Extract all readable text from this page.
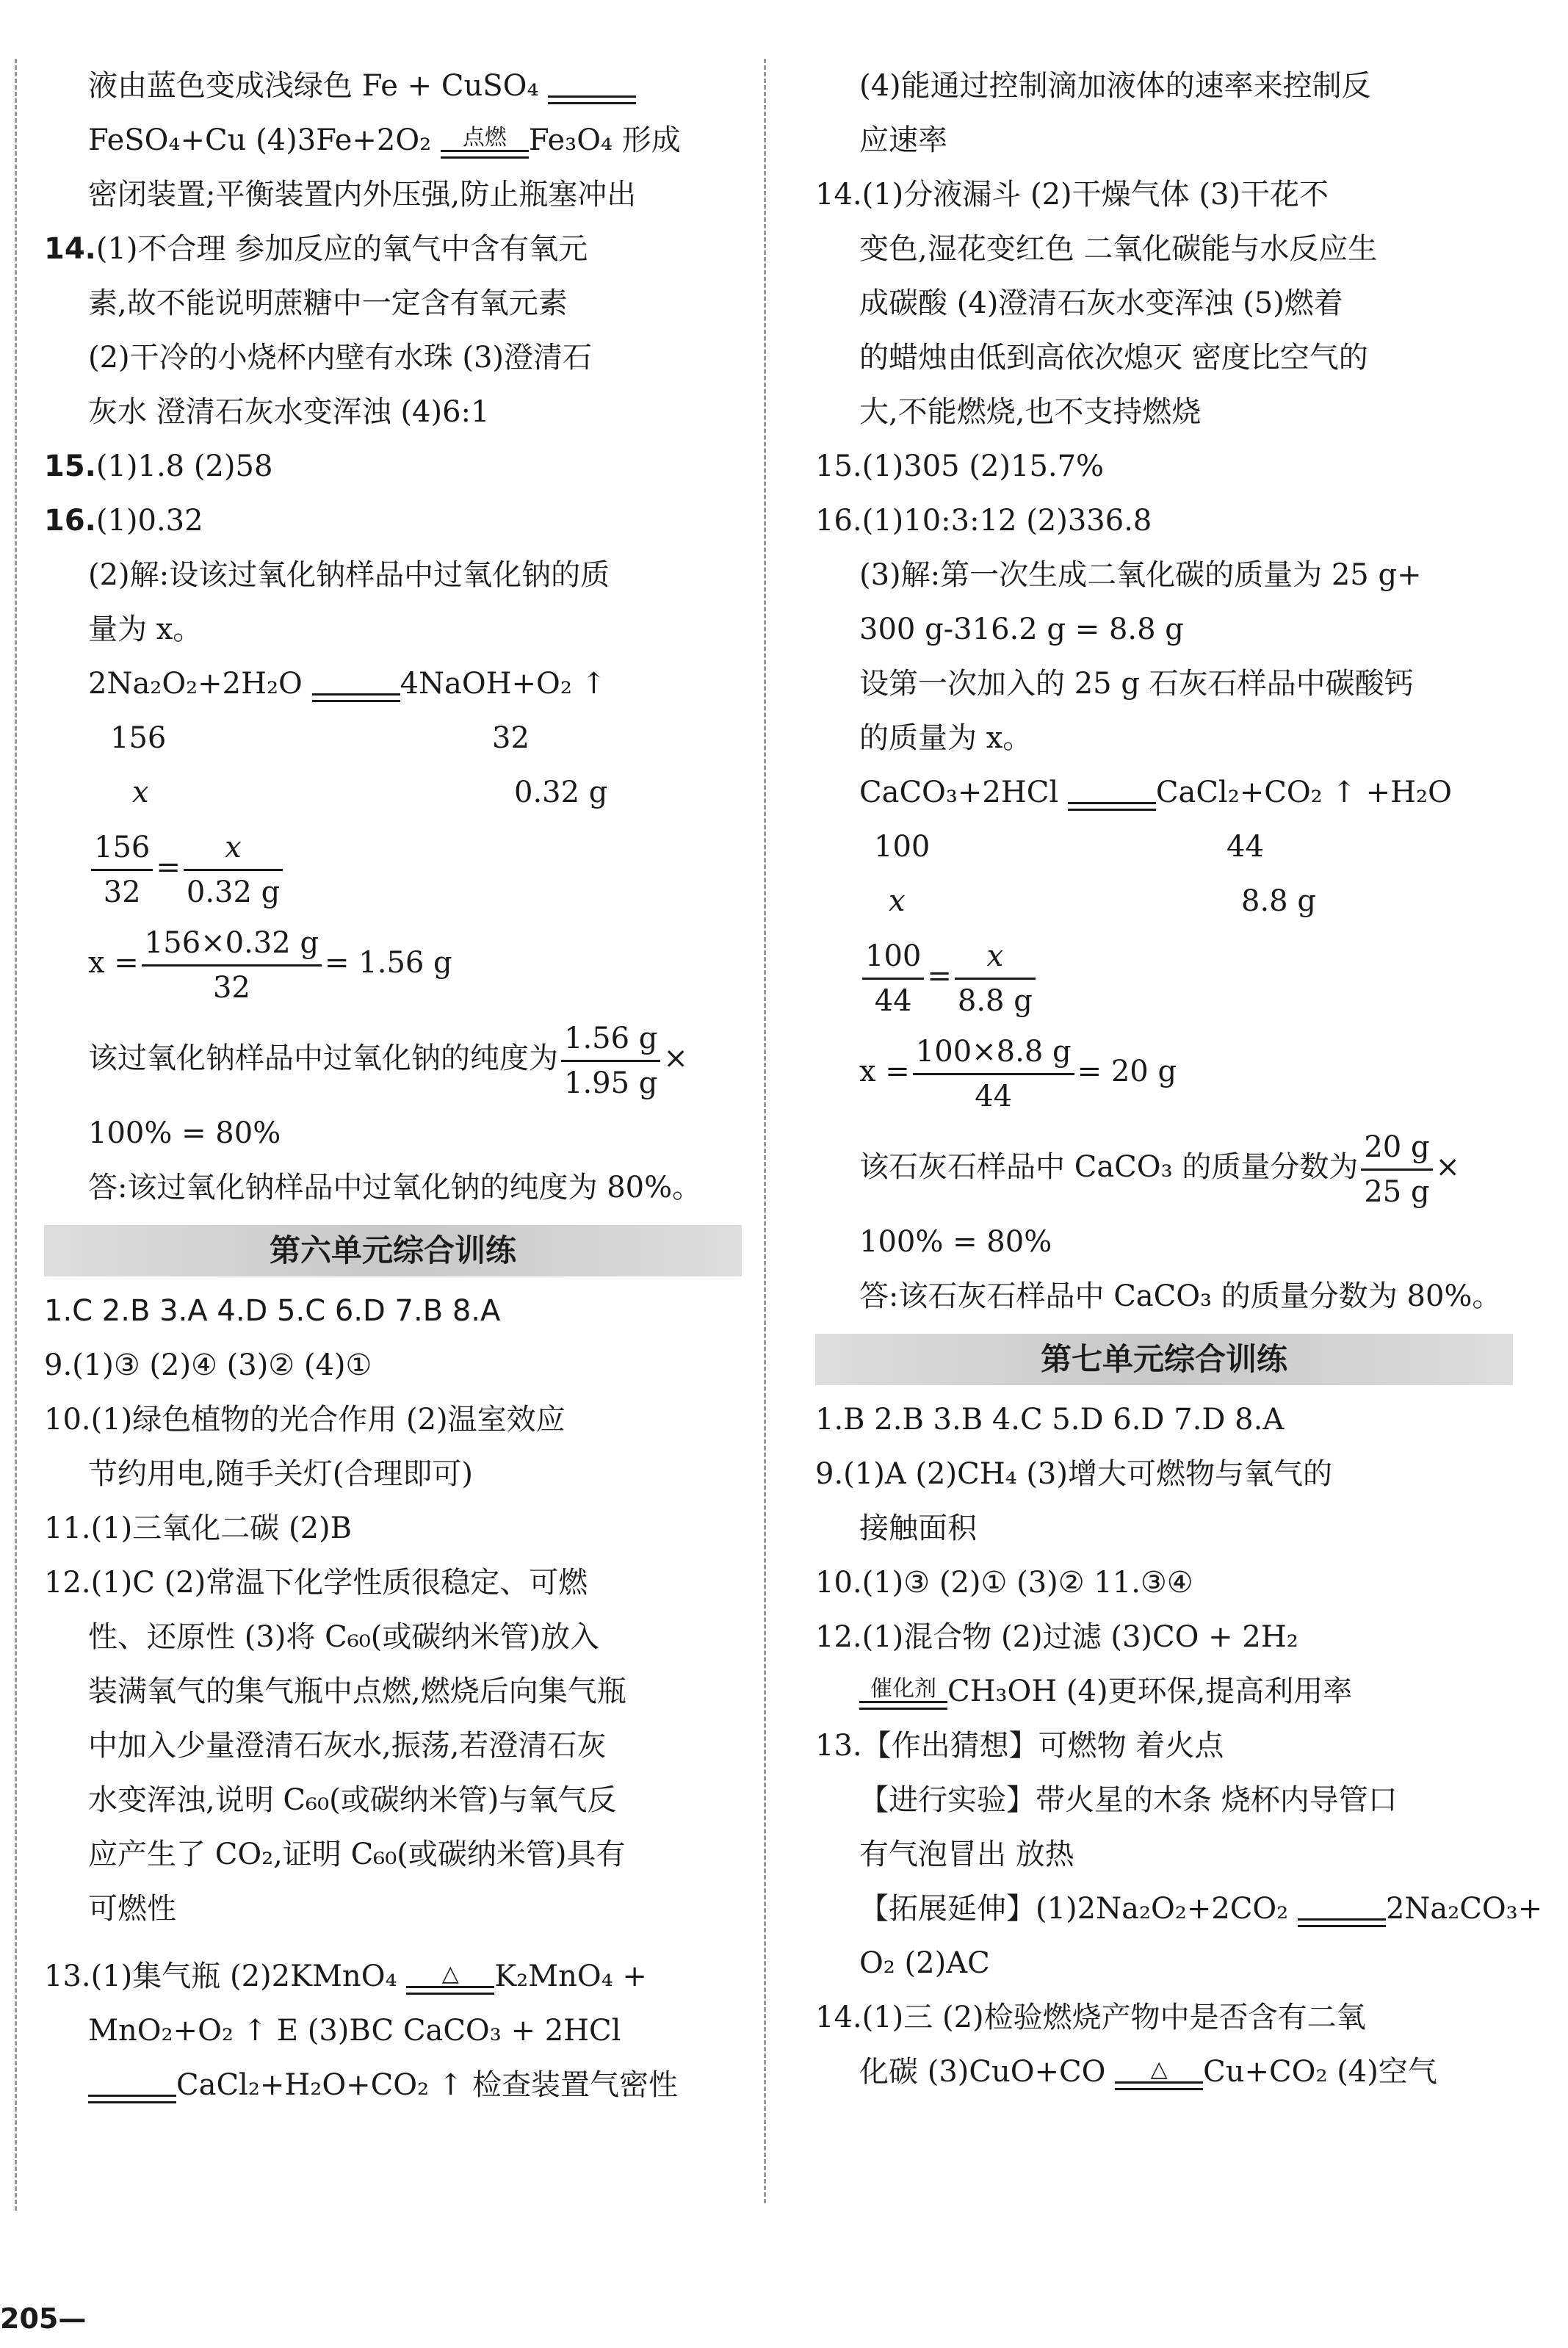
液由蓝色变成浅绿色 Fe + CuSO₄
FeSO₄+Cu (4)3Fe+2O₂	点燃 Fe₃O₄ 形成
密闭装置;平衡装置内外压强,防止瓶塞冲出
14.(1)不合理 参加反应的氧气中含有氧元
素,故不能说明蔗糖中一定含有氧元素
(2)干冷的小烧杯内壁有水珠 (3)澄清石
灰水 澄清石灰水变浑浊 (4)6:1
15.(1)1.8 (2)58
16.(1)0.32
(2)解:设该过氧化钠样品中过氧化钠的质
量为 x。
2Na₂O₂+2H₂O	4NaOH+O₂ ↑
156	32
x	0.32 g
$\frac{156}{32} = \frac{x}{0.32 g}$
$x = \frac{156\times 0.32 g}{32} = 1.56$ g
该过氧化钠样品中过氧化钠的纯度为 $\frac{1.56 g}{1.95 g}$ ×
100% = 80%
答:该过氧化钠样品中过氧化钠的纯度为 80%。
第六单元综合训练
1.C 2.B 3.A 4.D 5.C 6.D 7.B 8.A
9.(1)③ (2)④ (3)② (4)①
10.(1)绿色植物的光合作用 (2)温室效应
节约用电,随手关灯(合理即可)
11.(1)三氧化二碳 (2)B
12.(1)C (2)常温下化学性质很稳定、可燃
性、还原性 (3)将 C₆₀(或碳纳米管)放入
装满氧气的集气瓶中点燃,燃烧后向集气瓶
中加入少量澄清石灰水,振荡,若澄清石灰
水变浑浊,说明 C₆₀(或碳纳米管)与氧气反
应产生了 CO₂,证明 C₆₀(或碳纳米管)具有
可燃性
13.(1)集气瓶 (2)2KMnO₄	△	K₂MnO₄ +
MnO₂+O₂ ↑ E (3)BC CaCO₃ + 2HCl
CaCl₂+H₂O+CO₂ ↑ 检查装置气密性
(4)能通过控制滴加液体的速率来控制反
应速率
14.(1)分液漏斗 (2)干燥气体 (3)干花不
变色,湿花变红色 二氧化碳能与水反应生
成碳酸 (4)澄清石灰水变浑浊 (5)燃着
的蜡烛由低到高依次熄灭 密度比空气的
大,不能燃烧,也不支持燃烧
15.(1)305 (2)15.7%
16.(1)10:3:12 (2)336.8
(3)解:第一次生成二氧化碳的质量为 25 g+
300 g-316.2 g = 8.8 g
设第一次加入的 25 g 石灰石样品中碳酸钙
的质量为 x。
CaCO₃+2HCl	CaCl₂+CO₂ ↑ +H₂O
100	44
x	8.8 g
$\frac{100}{44} = \frac{x}{8.8 g}$
$x = \frac{100\times 8.8 g}{44} = 20$ g
该石灰石样品中 CaCO₃ 的质量分数为 $\frac{20 g}{25 g}$ ×
100% = 80%
答:该石灰石样品中 CaCO₃ 的质量分数为 80%。
第七单元综合训练
1.B 2.B 3.B 4.C 5.D 6.D 7.D 8.A
9.(1)A (2)CH₄ (3)增大可燃物与氧气的
接触面积
10.(1)③ (2)① (3)② 11.③④
12.(1)混合物 (2)过滤 (3)CO + 2H₂
催化剂 CH₃OH (4)更环保,提高利用率
13.【作出猜想】可燃物 着火点
【进行实验】带火星的木条 烧杯内导管口
有气泡冒出 放热
【拓展延伸】(1)2Na₂O₂+2CO₂	2Na₂CO₃+
O₂ (2)AC
14.(1)三 (2)检验燃烧产物中是否含有二氧
化碳 (3)CuO+CO	△	Cu+CO₂ (4)空气
205—
